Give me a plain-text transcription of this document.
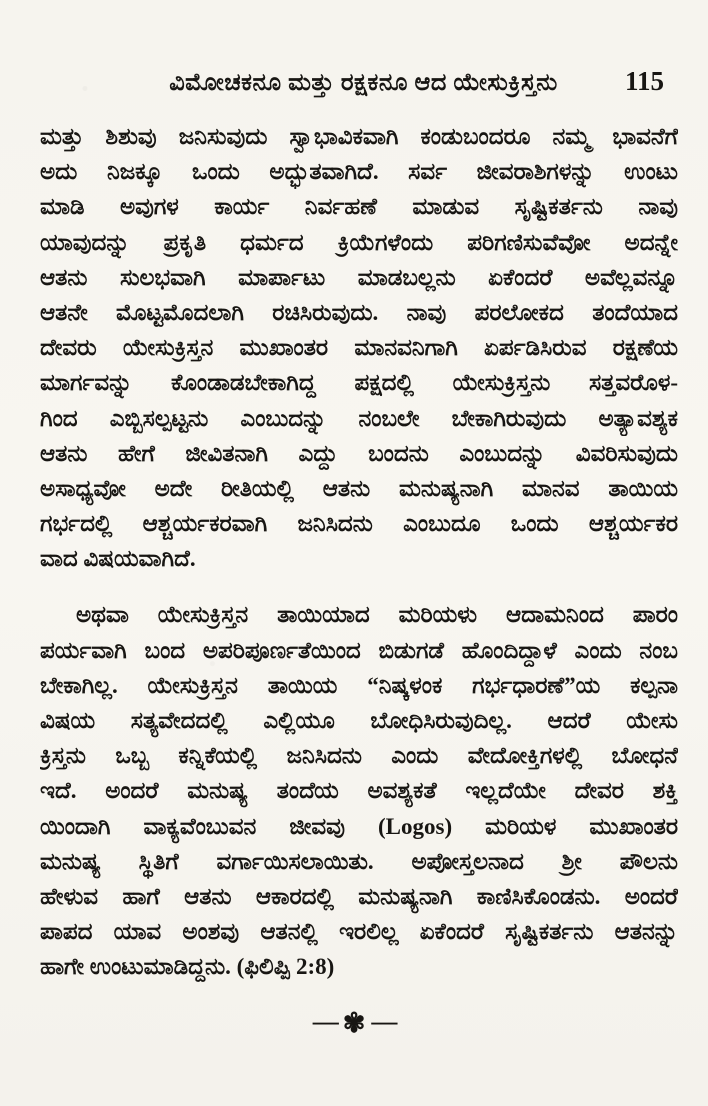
ವಿಮೋಚಕನೂ ಮತ್ತು ರಕ್ಷಕನೂ ಆದ ಯೇಸುಕ್ರಿಸ್ತನು	115
ಮತ್ತು ಶಿಶುವು ಜನಿಸುವುದು ಸ್ವಾಭಾವಿಕವಾಗಿ ಕಂಡುಬಂದರೂ ನಮ್ಮ ಭಾವನೆಗೆ
ಅದು ನಿಜಕ್ಕೂ ಒಂದು ಅದ್ಭುತವಾಗಿದೆ. ಸರ್ವ ಜೀವರಾಶಿಗಳನ್ನು ಉಂಟು
ಮಾಡಿ ಅವುಗಳ ಕಾರ್ಯ ನಿರ್ವಹಣೆ ಮಾಡುವ ಸೃಷ್ಟಿಕರ್ತನು ನಾವು
ಯಾವುದನ್ನು ಪ್ರಕೃತಿ ಧರ್ಮದ ಕ್ರಿಯೆಗಳೆಂದು ಪರಿಗಣಿಸುವೆವೋ ಅದನ್ನೇ
ಆತನು ಸುಲಭವಾಗಿ ಮಾರ್ಪಾಟು ಮಾಡಬಲ್ಲನು ಏಕೆಂದರೆ ಅವೆಲ್ಲವನ್ನೂ
ಆತನೇ ಮೊಟ್ಟಮೊದಲಾಗಿ ರಚಿಸಿರುವುದು. ನಾವು ಪರಲೋಕದ ತಂದೆಯಾದ
ದೇವರು ಯೇಸುಕ್ರಿಸ್ತನ ಮುಖಾಂತರ ಮಾನವನಿಗಾಗಿ ಏರ್ಪಡಿಸಿರುವ ರಕ್ಷಣೆಯ
ಮಾರ್ಗವನ್ನು ಕೊಂಡಾಡಬೇಕಾಗಿದ್ದ ಪಕ್ಷದಲ್ಲಿ ಯೇಸುಕ್ರಿಸ್ತನು ಸತ್ತವರೊಳ-
ಗಿಂದ ಎಬ್ಬಿಸಲ್ಪಟ್ಟನು ಎಂಬುದನ್ನು ನಂಬಲೇ ಬೇಕಾಗಿರುವುದು ಅತ್ಯಾವಶ್ಯಕ
ಆತನು ಹೇಗೆ ಜೀವಿತನಾಗಿ ಎದ್ದು ಬಂದನು ಎಂಬುದನ್ನು ವಿವರಿಸುವುದು
ಅಸಾಧ್ಯವೋ ಅದೇ ರೀತಿಯಲ್ಲಿ ಆತನು ಮನುಷ್ಯನಾಗಿ ಮಾನವ ತಾಯಿಯ
ಗರ್ಭದಲ್ಲಿ ಆಶ್ಚರ್ಯಕರವಾಗಿ ಜನಿಸಿದನು ಎಂಬುದೂ ಒಂದು ಆಶ್ಚರ್ಯಕರ
ವಾದ ವಿಷಯವಾಗಿದೆ.
ಅಥವಾ ಯೇಸುಕ್ರಿಸ್ತನ ತಾಯಿಯಾದ ಮರಿಯಳು ಆದಾಮನಿಂದ ಪಾರಂ
ಪರ್ಯವಾಗಿ ಬಂದ ಅಪರಿಪೂರ್ಣತೆಯಿಂದ ಬಿಡುಗಡೆ ಹೊಂದಿದ್ದಾಳೆ ಎಂದು ನಂಬ
ಬೇಕಾಗಿಲ್ಲ. ಯೇಸುಕ್ರಿಸ್ತನ ತಾಯಿಯ “ನಿಷ್ಕಳಂಕ ಗರ್ಭಧಾರಣೆ”ಯ ಕಲ್ಪನಾ
ವಿಷಯ ಸತ್ಯವೇದದಲ್ಲಿ ಎಲ್ಲಿಯೂ ಬೋಧಿಸಿರುವುದಿಲ್ಲ. ಆದರೆ ಯೇಸು
ಕ್ರಿಸ್ತನು ಒಬ್ಬ ಕನ್ನಿಕೆಯಲ್ಲಿ ಜನಿಸಿದನು ಎಂದು ವೇದೋಕ್ತಿಗಳಲ್ಲಿ ಬೋಧನೆ
ಇದೆ. ಅಂದರೆ ಮನುಷ್ಯ ತಂದೆಯ ಅವಶ್ಯಕತೆ ಇಲ್ಲದೆಯೇ ದೇವರ ಶಕ್ತಿ
ಯಿಂದಾಗಿ ವಾಕ್ಯವೆಂಬುವನ ಜೀವವು (Logos) ಮರಿಯಳ ಮುಖಾಂತರ
ಮನುಷ್ಯ ಸ್ಥಿತಿಗೆ ವರ್ಗಾಯಿಸಲಾಯಿತು. ಅಪೋಸ್ತಲನಾದ ಶ್ರೀ ಪೌಲನು
ಹೇಳುವ ಹಾಗೆ ಆತನು ಆಕಾರದಲ್ಲಿ ಮನುಷ್ಯನಾಗಿ ಕಾಣಿಸಿಕೊಂಡನು. ಅಂದರೆ
ಪಾಪದ ಯಾವ ಅಂಶವು ಆತನಲ್ಲಿ ಇರಲಿಲ್ಲ ಏಕೆಂದರೆ ಸೃಷ್ಟಿಕರ್ತನು ಆತನನ್ನು
ಹಾಗೇ ಉಂಟುಮಾಡಿದ್ದನು. (ಫಿಲಿಪ್ಪಿ 2:8)
— ✾ —
